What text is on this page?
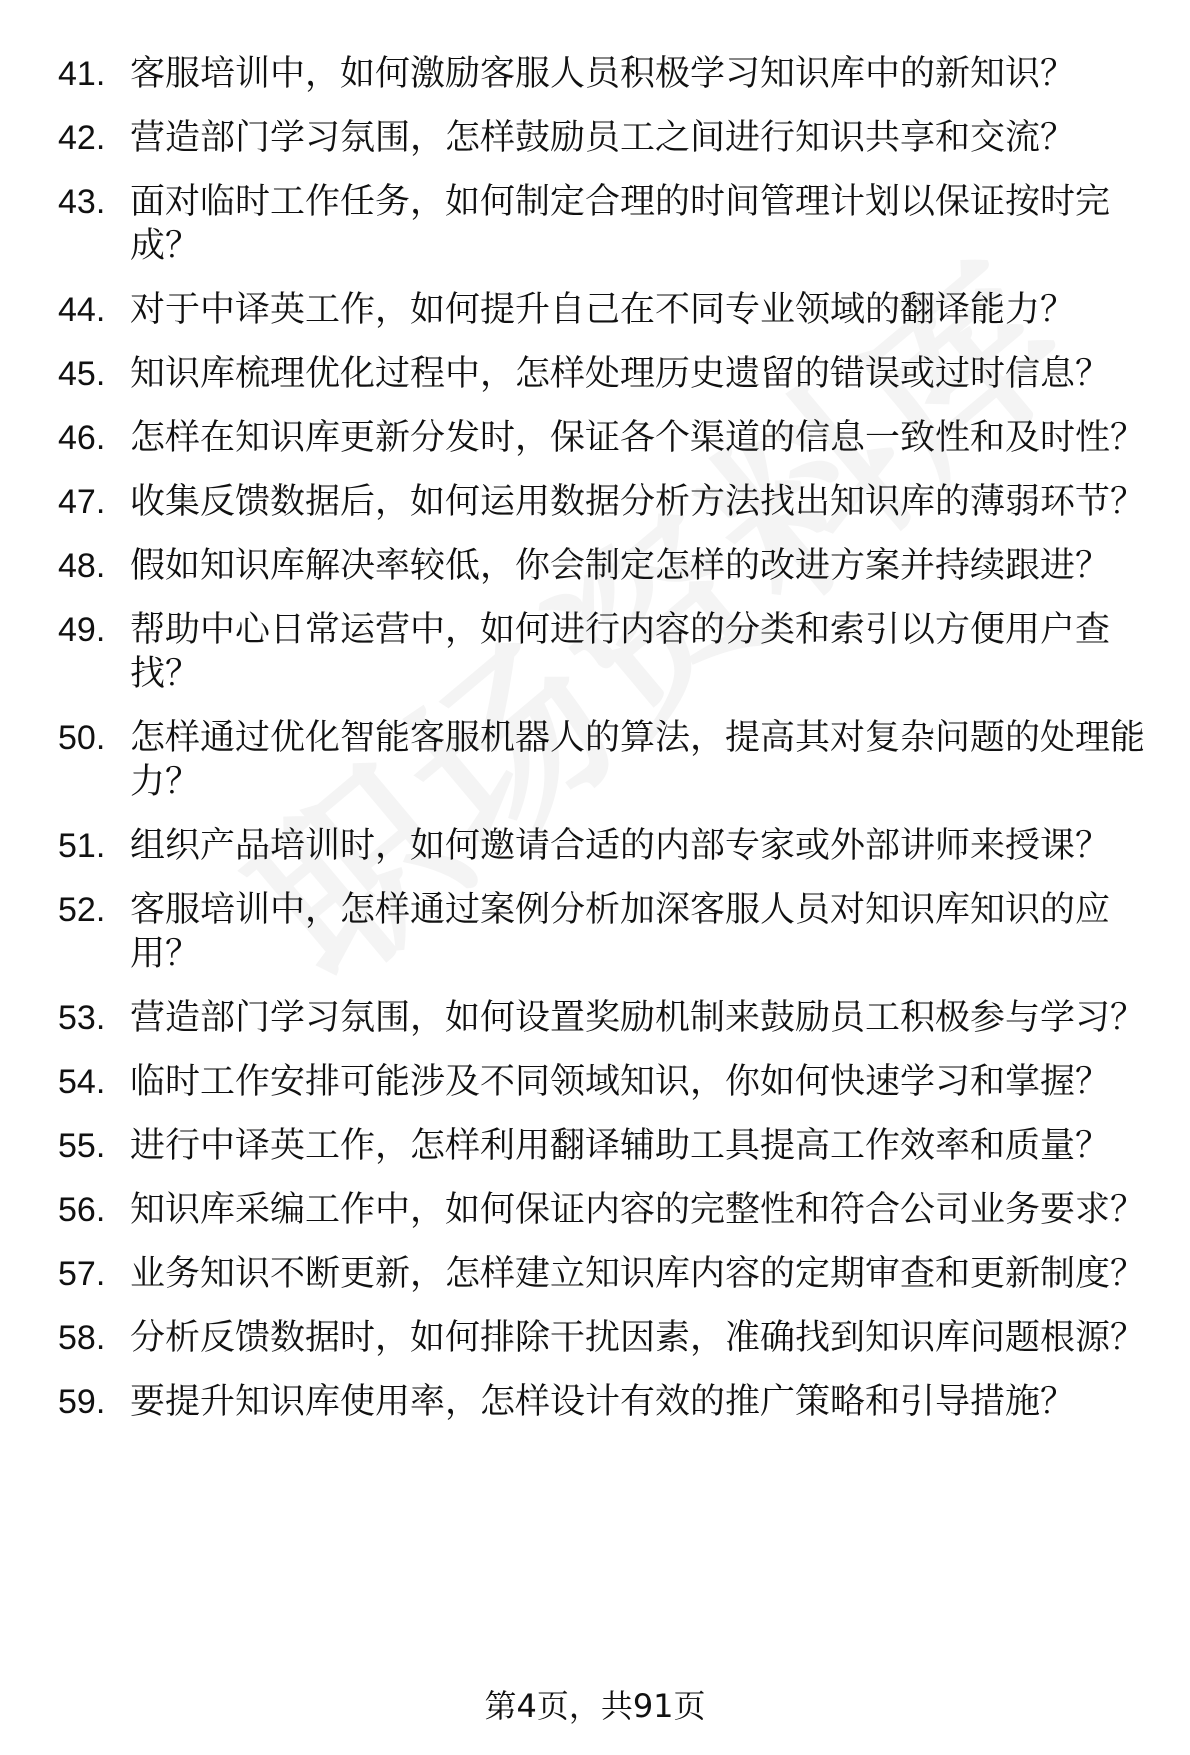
41. 客服培训中，如何激励客服人员积极学习知识库中的新知识？
42. 营造部门学习氛围，怎样鼓励员工之间进行知识共享和交流？
43. 面对临时工作任务，如何制定合理的时间管理计划以保证按时完成？
44. 对于中译英工作，如何提升自己在不同专业领域的翻译能力？
45. 知识库梳理优化过程中，怎样处理历史遗留的错误或过时信息？
46. 怎样在知识库更新分发时，保证各个渠道的信息一致性和及时性？
47. 收集反馈数据后，如何运用数据分析方法找出知识库的薄弱环节？
48. 假如知识库解决率较低，你会制定怎样的改进方案并持续跟进？
49. 帮助中心日常运营中，如何进行内容的分类和索引以方便用户查找？
50. 怎样通过优化智能客服机器人的算法，提高其对复杂问题的处理能力？
51. 组织产品培训时，如何邀请合适的内部专家或外部讲师来授课？
52. 客服培训中，怎样通过案例分析加深客服人员对知识库知识的应用？
53. 营造部门学习氛围，如何设置奖励机制来鼓励员工积极参与学习？
54. 临时工作安排可能涉及不同领域知识，你如何快速学习和掌握？
55. 进行中译英工作，怎样利用翻译辅助工具提高工作效率和质量？
56. 知识库采编工作中，如何保证内容的完整性和符合公司业务要求？
57. 业务知识不断更新，怎样建立知识库内容的定期审查和更新制度？
58. 分析反馈数据时，如何排除干扰因素，准确找到知识库问题根源？
59. 要提升知识库使用率，怎样设计有效的推广策略和引导措施？
第4页，共91页
